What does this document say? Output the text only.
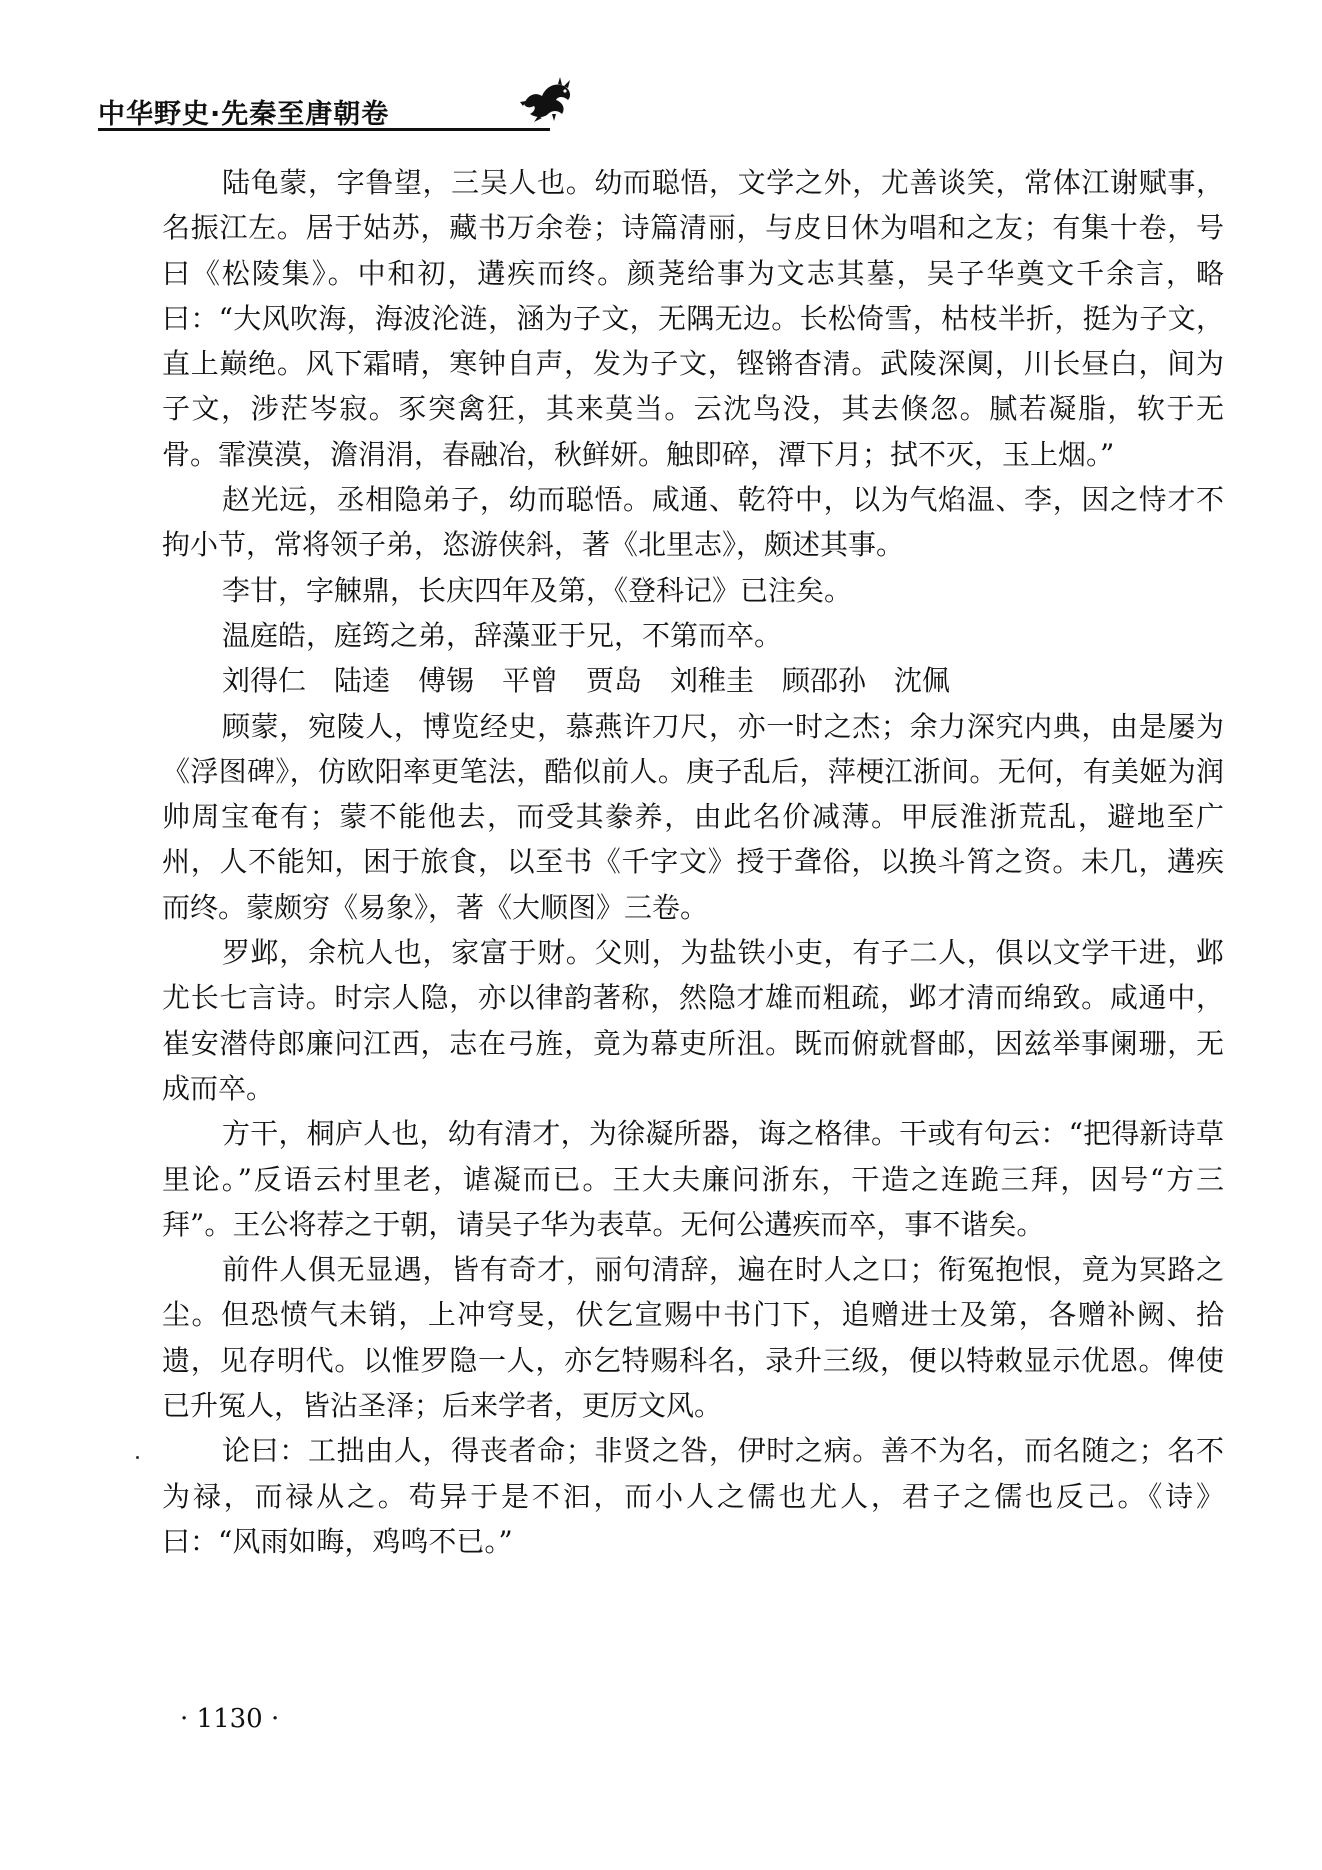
中华野史·先秦至唐朝卷

陆龟蒙，字鲁望，三吴人也。幼而聪悟，文学之外，尤善谈笑，常体江谢赋事，名振江左。居于姑苏，藏书万余卷；诗篇清丽，与皮日休为唱和之友；有集十卷，号曰《松陵集》。中和初，遘疾而终。颜荛给事为文志其墓，吴子华奠文千余言，略曰：“大风吹海，海波沦涟，涵为子文，无隅无边。长松倚雪，枯枝半折，挺为子文，直上巅绝。风下霜晴，寒钟自声，发为子文，铿锵杳清。武陵深阒，川长昼白，间为子文，涉茫岑寂。豕突禽狂，其来莫当。云沈鸟没，其去倏忽。腻若凝脂，软于无骨。霏漠漠，澹涓涓，春融冶，秋鲜妍。触即碎，潭下月；拭不灭，玉上烟。”

赵光远，丞相隐弟子，幼而聪悟。咸通、乾符中，以为气焰温、李，因之恃才不拘小节，常将领子弟，恣游侠斜，著《北里志》，颇述其事。

李甘，字觫鼎，长庆四年及第，《登科记》已注矣。

温庭皓，庭筠之弟，辞藻亚于兄，不第而卒。

刘得仁　陆逵　傅锡　平曾　贾岛　刘稚圭　顾邵孙　沈佩

顾蒙，宛陵人，博览经史，慕燕许刀尺，亦一时之杰；余力深究内典，由是屡为《浮图碑》，仿欧阳率更笔法，酷似前人。庚子乱后，萍梗江浙间。无何，有美姬为润帅周宝奄有；蒙不能他去，而受其豢养，由此名价减薄。甲辰淮浙荒乱，避地至广州，人不能知，困于旅食，以至书《千字文》授于聋俗，以换斗筲之资。未几，遘疾而终。蒙颇穷《易象》，著《大顺图》三卷。

罗邺，余杭人也，家富于财。父则，为盐铁小吏，有子二人，俱以文学干进，邺尤长七言诗。时宗人隐，亦以律韵著称，然隐才雄而粗疏，邺才清而绵致。咸通中，崔安潜侍郎廉问江西，志在弓旌，竟为幕吏所沮。既而俯就督邮，因兹举事阑珊，无成而卒。

方干，桐庐人也，幼有清才，为徐凝所器，诲之格律。干或有句云：“把得新诗草里论。”反语云村里老，谑凝而已。王大夫廉问浙东，干造之连跪三拜，因号“方三拜”。王公将荐之于朝，请吴子华为表草。无何公遘疾而卒，事不谐矣。

前件人俱无显遇，皆有奇才，丽句清辞，遍在时人之口；衔冤抱恨，竟为冥路之尘。但恐愤气未销，上冲穹旻，伏乞宣赐中书门下，追赠进士及第，各赠补阙、拾遗，见存明代。以惟罗隐一人，亦乞特赐科名，录升三级，便以特敕显示优恩。俾使已升冤人，皆沾圣泽；后来学者，更厉文风。

论曰：工拙由人，得丧者命；非贤之咎，伊时之病。善不为名，而名随之；名不为禄，而禄从之。苟异于是不汩，而小人之儒也尤人，君子之儒也反己。《诗》曰：“风雨如晦，鸡鸣不已。”

· 1130 ·
